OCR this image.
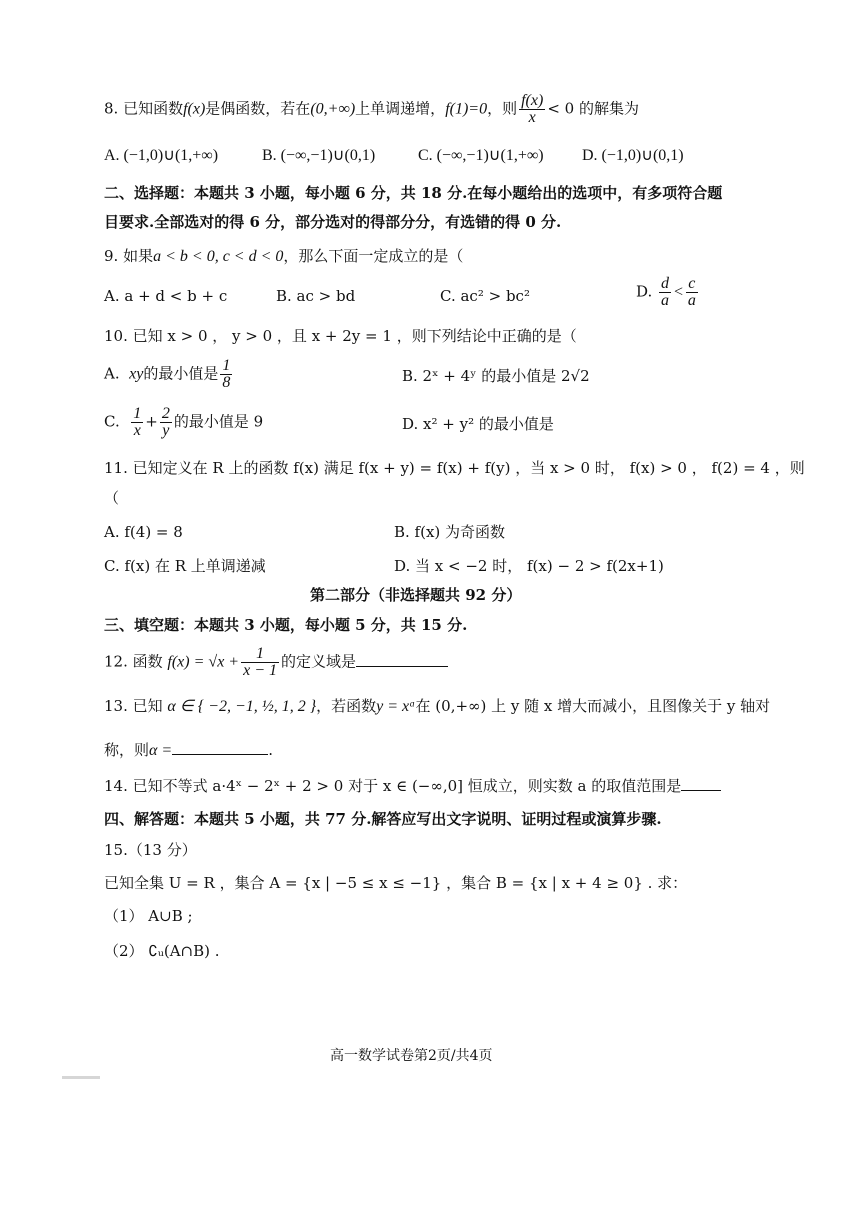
8. 已知函数f(x)是偶函数，若在(0,+∞)上单调递增，f(1)=0，则 $\frac{f(x)}{x} < 0$ 的解集为
A. (−1,0)∪(1,+∞)	B. (−∞,−1)∪(0,1)	C. (−∞,−1)∪(1,+∞) D. (−1,0)∪(0,1)
二、选择题：本题共 3 小题，每小题 6 分，共 18 分.在每小题给出的选项中，有多项符合题
目要求.全部选对的得 6 分，部分选对的得部分分，有选错的得 0 分.
9. 如果a < b < 0, c < d < 0，那么下面一定成立的是（
A. a + d < b + c	B. ac > bd	C. ac² > bc²	D. $\frac{d}{a} < \frac{c}{a}$
10. 已知 x > 0 ， y > 0 ，且 x + 2y = 1 ，则下列结论中正确的是（
A. xy的最小值是 $\frac{1}{8}$	B. 2ˣ + 4ʸ 的最小值是 2√2
C. $\frac{1}{x} + \frac{2}{y}$ 的最小值是 9	D. x² + y² 的最小值是
11. 已知定义在 R 上的函数 f(x) 满足 f(x + y) = f(x) + f(y) ，当 x > 0 时， f(x) > 0 ， f(2) = 4 ，则
（
A. f(4) = 8	B. f(x) 为奇函数
C. f(x) 在 R 上单调递减	D. 当 x < −2 时， f(x) − 2 > f(2x+1)
第二部分（非选择题共 92 分）
三、填空题：本题共 3 小题，每小题 5 分，共 15 分.
12. 函数 $f(x) = √x + \frac{1}{x - 1}$ 的定义域是
13. 已知 α ∈ { −2, −1, ½, 1, 2 }，若函数y = xᵅ在 (0,+∞) 上 y 随 x 增大而减小，且图像关于 y 轴对
称，则α =	.
14. 已知不等式 a·4ˣ − 2ˣ + 2 > 0 对于 x ∈ (−∞,0] 恒成立，则实数 a 的取值范围是
四、解答题：本题共 5 小题，共 77 分.解答应写出文字说明、证明过程或演算步骤.
15.（13 分）
已知全集 U = R ，集合 A = {x | −5 ≤ x ≤ −1} ，集合 B = {x | x + 4 ≥ 0} . 求：
（1） A∪B ;
（2） ∁ᵤ(A∩B) .
高一数学试卷第2页/共4页
